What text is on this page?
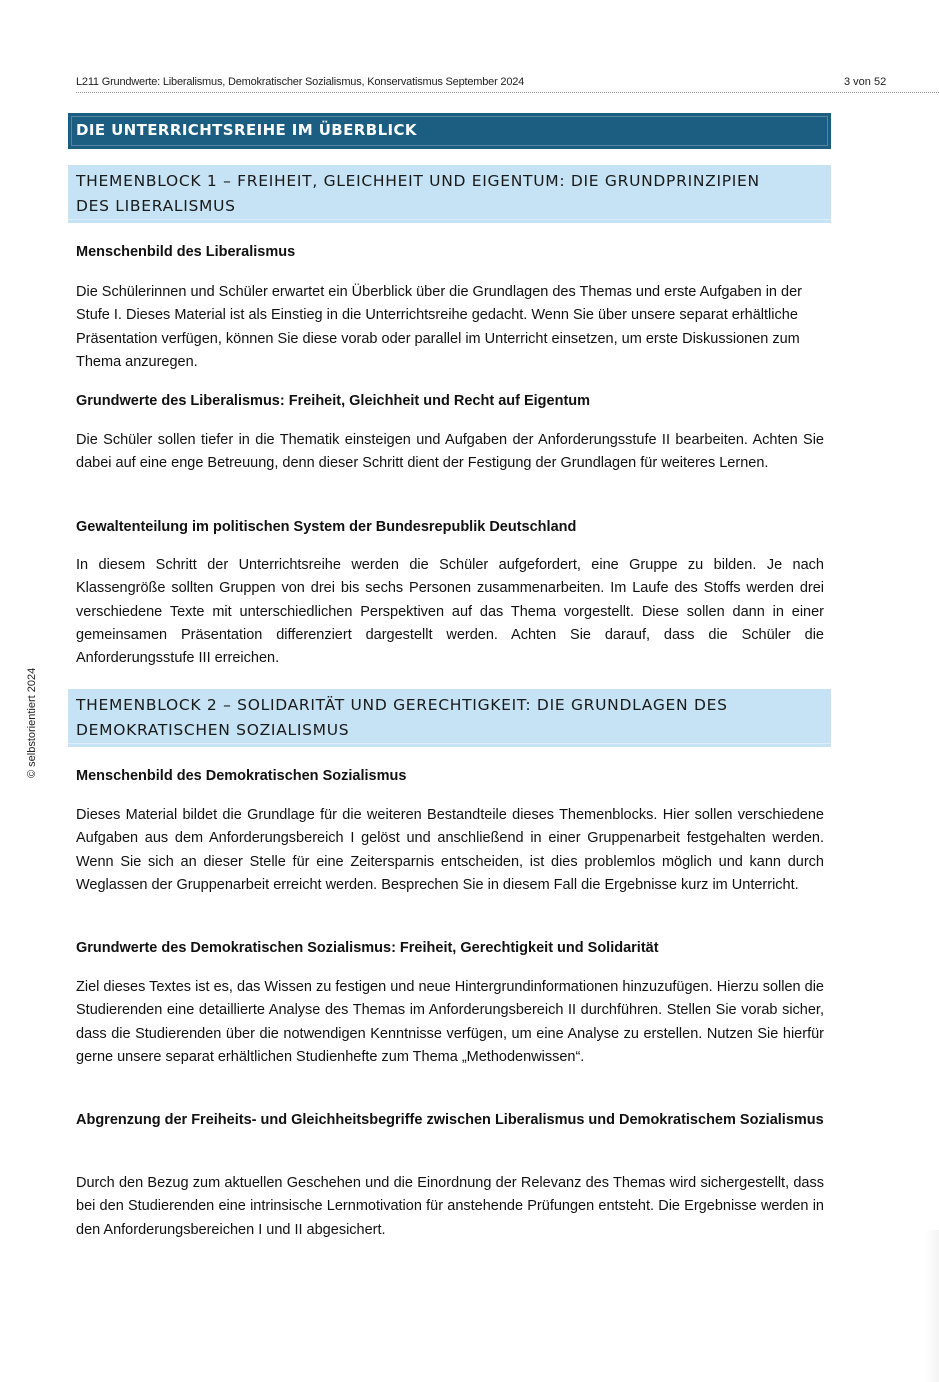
L211 Grundwerte: Liberalismus, Demokratischer Sozialismus, Konservatismus September 2024	3 von 52
© selbstorientiert 2024
DIE UNTERRICHTSREIHE IM ÜBERBLICK
THEMENBLOCK 1 – FREIHEIT, GLEICHHEIT UND EIGENTUM: DIE GRUNDPRINZIPIEN
DES LIBERALISMUS

Menschenbild des Liberalismus

Die Schülerinnen und Schüler erwartet ein Überblick über die Grundlagen des Themas und erste Aufgaben in der Stufe I. Dieses Material ist als Einstieg in die Unterrichtsreihe gedacht. Wenn Sie über unsere separat erhältliche Präsentation verfügen, können Sie diese vorab oder parallel im Unterricht einsetzen, um erste Diskussionen zum Thema anzuregen.

Grundwerte des Liberalismus: Freiheit, Gleichheit und Recht auf Eigentum

Die Schüler sollen tiefer in die Thematik einsteigen und Aufgaben der Anforderungsstufe II bearbeiten. Achten Sie dabei auf eine enge Betreuung, denn dieser Schritt dient der Festigung der Grundlagen für weiteres Lernen.

Gewaltenteilung im politischen System der Bundesrepublik Deutschland

In diesem Schritt der Unterrichtsreihe werden die Schüler aufgefordert, eine Gruppe zu bilden. Je nach Klassengröße sollten Gruppen von drei bis sechs Personen zusammenarbeiten. Im Laufe des Stoffs werden drei verschiedene Texte mit unterschiedlichen Perspektiven auf das Thema vorgestellt. Diese sollen dann in einer gemeinsamen Präsentation differenziert dargestellt werden. Achten Sie darauf, dass die Schüler die Anforderungsstufe III erreichen.

THEMENBLOCK 2 – SOLIDARITÄT UND GERECHTIGKEIT: DIE GRUNDLAGEN DES
DEMOKRATISCHEN SOZIALISMUS

Menschenbild des Demokratischen Sozialismus

Dieses Material bildet die Grundlage für die weiteren Bestandteile dieses Themenblocks. Hier sollen verschiedene Aufgaben aus dem Anforderungsbereich I gelöst und anschließend in einer Gruppenarbeit festgehalten werden. Wenn Sie sich an dieser Stelle für eine Zeitersparnis entscheiden, ist dies problemlos möglich und kann durch Weglassen der Gruppenarbeit erreicht werden. Besprechen Sie in diesem Fall die Ergebnisse kurz im Unterricht.

Grundwerte des Demokratischen Sozialismus: Freiheit, Gerechtigkeit und Solidarität

Ziel dieses Textes ist es, das Wissen zu festigen und neue Hintergrundinformationen hinzuzufügen. Hierzu sollen die Studierenden eine detaillierte Analyse des Themas im Anforderungsbereich II durchführen. Stellen Sie vorab sicher, dass die Studierenden über die notwendigen Kenntnisse verfügen, um eine Analyse zu erstellen. Nutzen Sie hierfür gerne unsere separat erhältlichen Studienhefte zum Thema „Methodenwissen“.

Abgrenzung der Freiheits- und Gleichheitsbegriffe zwischen Liberalismus und Demokratischem Sozialismus

Durch den Bezug zum aktuellen Geschehen und die Einordnung der Relevanz des Themas wird sichergestellt, dass bei den Studierenden eine intrinsische Lernmotivation für anstehende Prüfungen entsteht. Die Ergebnisse werden in den Anforderungsbereichen I und II abgesichert.
